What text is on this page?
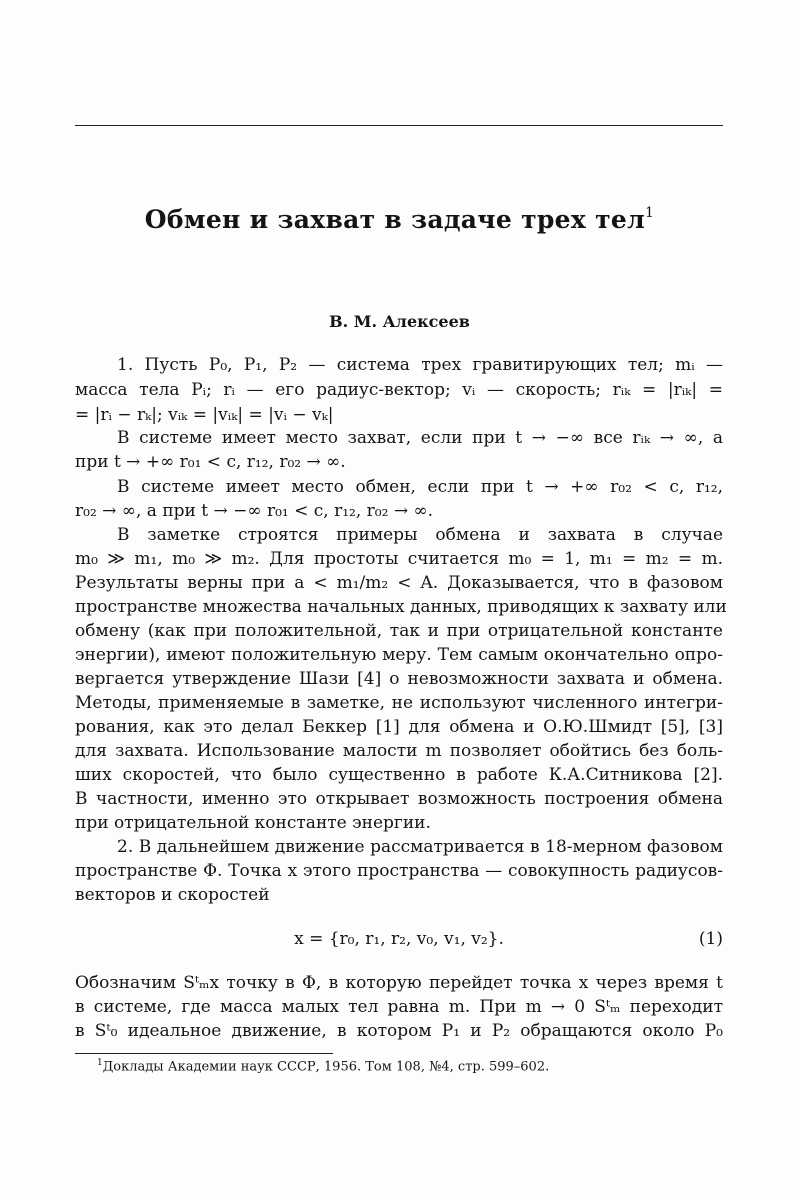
Обмен и захват в задаче трех тел$^1$
В. М. Алексеев
1. Пусть P₀, P₁, P₂ — система трех гравитирующих тел; mᵢ —
масса тела Pᵢ; rᵢ — его радиус-вектор; vᵢ — скорость; rᵢₖ = |rᵢₖ| =
= |rᵢ − rₖ|; vᵢₖ = |vᵢₖ| = |vᵢ − vₖ|
В системе имеет место захват, если при t → −∞ все rᵢₖ → ∞, а
при t → +∞ r₀₁ < c, r₁₂, r₀₂ → ∞.
В системе имеет место обмен, если при t → +∞ r₀₂ < c, r₁₂,
r₀₂ → ∞, а при t → −∞ r₀₁ < c, r₁₂, r₀₂ → ∞.
В заметке строятся примеры обмена и захвата в случае
m₀ ≫ m₁, m₀ ≫ m₂. Для простоты считается m₀ = 1, m₁ = m₂ = m.
Результаты верны при a < m₁/m₂ < A. Доказывается, что в фазовом
пространстве множества начальных данных, приводящих к захвату или
обмену (как при положительной, так и при отрицательной константе
энергии), имеют положительную меру. Тем самым окончательно опро-
вергается утверждение Шази [4] о невозможности захвата и обмена.
Методы, применяемые в заметке, не используют численного интегри-
рования, как это делал Беккер [1] для обмена и О.Ю.Шмидт [5], [3]
для захвата. Использование малости m позволяет обойтись без боль-
ших скоростей, что было существенно в работе К.А.Ситникова [2].
В частности, именно это открывает возможность построения обмена
при отрицательной константе энергии.
2. В дальнейшем движение рассматривается в 18-мерном фазовом
пространстве Φ. Точка x этого пространства — совокупность радиусов-
векторов и скоростей
x = {r₀, r₁, r₂, v₀, v₁, v₂}.	(1)
Обозначим Sᵗₘx точку в Φ, в которую перейдет точка x через время t
в системе, где масса малых тел равна m. При m → 0 Sᵗₘ переходит
в Sᵗ₀ идеальное движение, в котором P₁ и P₂ обращаются около P₀
$^1$Доклады Академии наук СССР, 1956. Том 108, №4, стр. 599–602.
